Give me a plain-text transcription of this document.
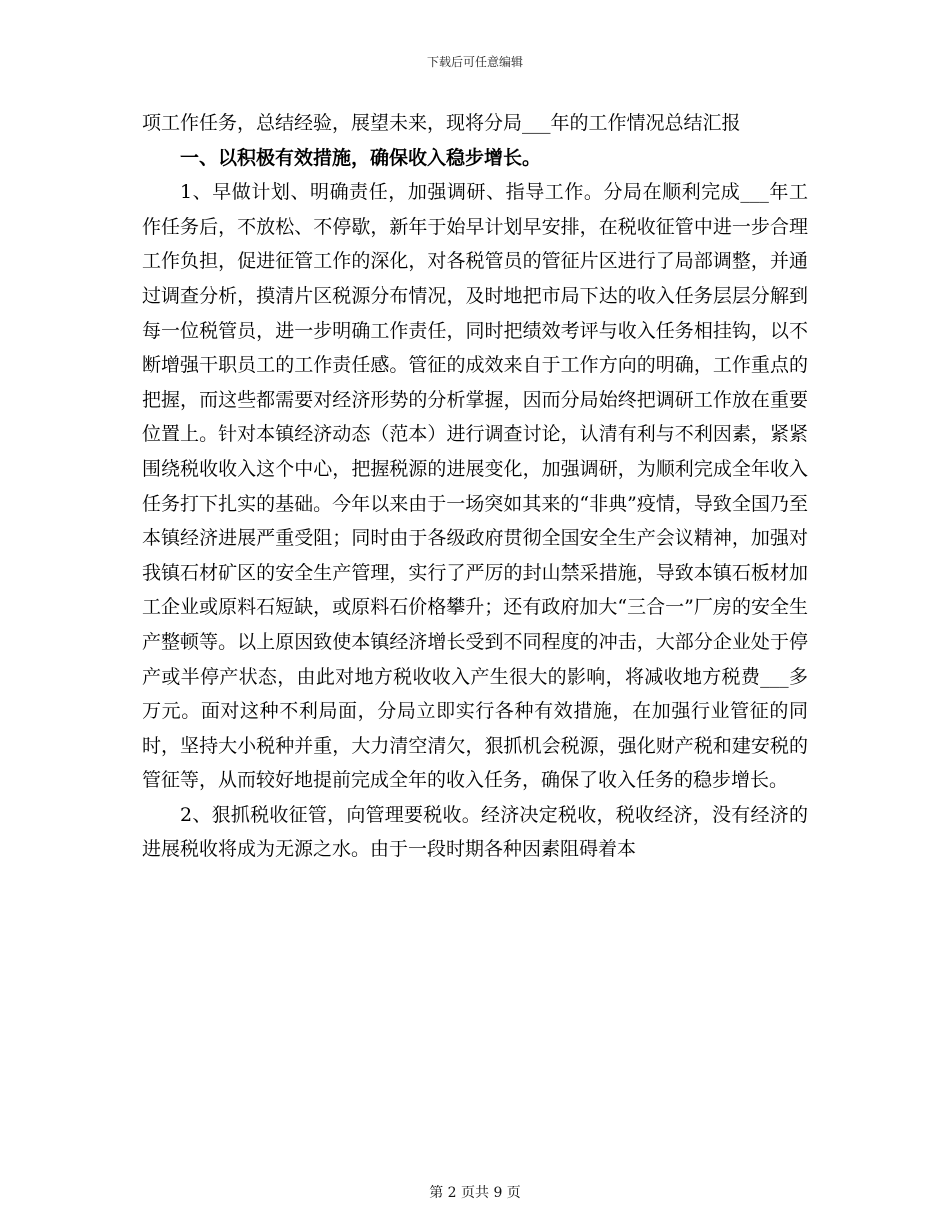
下载后可任意编辑

项工作任务，总结经验，展望未来，现将分局___年的工作情况总结汇报

一、以积极有效措施，确保收入稳步增长。

1、早做计划、明确责任，加强调研、指导工作。分局在顺利完成___年工作任务后，不放松、不停歇，新年于始早计划早安排，在税收征管中进一步合理工作负担，促进征管工作的深化，对各税管员的管征片区进行了局部调整，并通过调查分析，摸清片区税源分布情况，及时地把市局下达的收入任务层层分解到每一位税管员，进一步明确工作责任，同时把绩效考评与收入任务相挂钩，以不断增强干职员工的工作责任感。管征的成效来自于工作方向的明确，工作重点的把握，而这些都需要对经济形势的分析掌握，因而分局始终把调研工作放在重要位置上。针对本镇经济动态（范本）进行调查讨论，认清有利与不利因素，紧紧围绕税收收入这个中心，把握税源的进展变化，加强调研，为顺利完成全年收入任务打下扎实的基础。今年以来由于一场突如其来的“非典”疫情，导致全国乃至本镇经济进展严重受阻；同时由于各级政府贯彻全国安全生产会议精神，加强对我镇石材矿区的安全生产管理，实行了严厉的封山禁采措施，导致本镇石板材加工企业或原料石短缺，或原料石价格攀升；还有政府加大“三合一”厂房的安全生产整顿等。以上原因致使本镇经济增长受到不同程度的冲击，大部分企业处于停产或半停产状态，由此对地方税收收入产生很大的影响，将减收地方税费___多万元。面对这种不利局面，分局立即实行各种有效措施，在加强行业管征的同时，坚持大小税种并重，大力清空清欠，狠抓机会税源，强化财产税和建安税的管征等，从而较好地提前完成全年的收入任务，确保了收入任务的稳步增长。

2、狠抓税收征管，向管理要税收。经济决定税收，税收经济，没有经济的进展税收将成为无源之水。由于一段时期各种因素阻碍着本

第 2 页共 9 页
